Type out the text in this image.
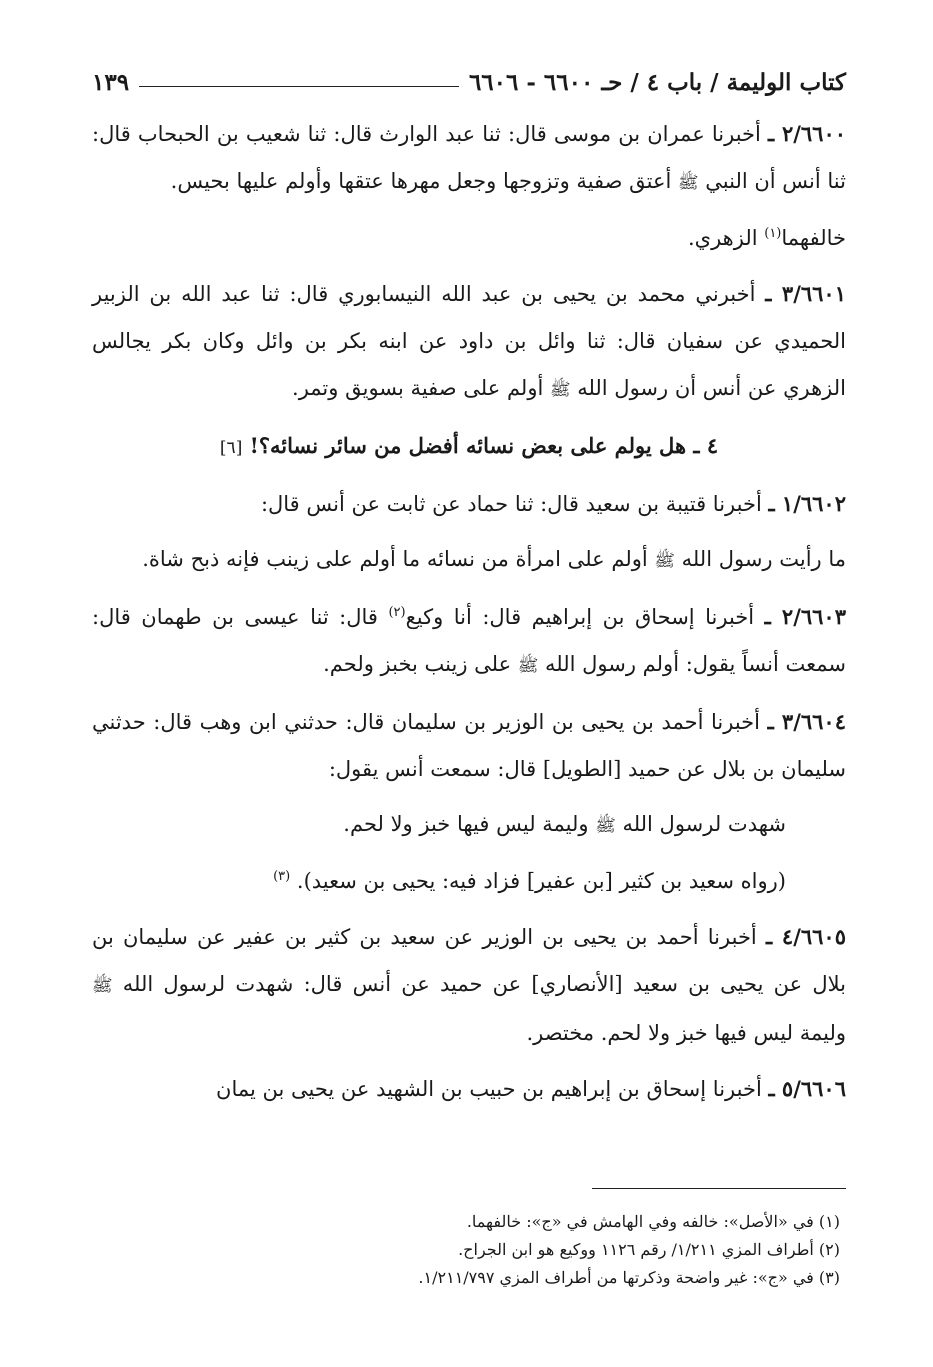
كتاب الوليمة / باب ٤ / حـ ٦٦٠٠ - ٦٦٠٦
١٣٩

٢/٦٦٠٠ ـ أخبرنا عمران بن موسى قال: ثنا عبد الوارث قال: ثنا شعيب بن الحبحاب قال: ثنا أنس أن النبي ﷺ أعتق صفية وتزوجها وجعل مهرها عتقها وأولم عليها بحيس.

خالفهما$^{(١)}$ الزهري.

٣/٦٦٠١ ـ أخبرني محمد بن يحيى بن عبد الله النيسابوري قال: ثنا عبد الله بن الزبير الحميدي عن سفيان قال: ثنا وائل بن داود عن ابنه بكر بن وائل وكان بكر يجالس الزهري عن أنس أن رسول الله ﷺ أولم على صفية بسويق وتمر.

٤ ـ هل يولم على بعض نسائه أفضل من سائر نسائه؟! [٦]

١/٦٦٠٢ ـ أخبرنا قتيبة بن سعيد قال: ثنا حماد عن ثابت عن أنس قال:

ما رأيت رسول الله ﷺ أولم على امرأة من نسائه ما أولم على زينب فإنه ذبح شاة.

٢/٦٦٠٣ ـ أخبرنا إسحاق بن إبراهيم قال: أنا وكيع$^{(٢)}$ قال: ثنا عيسى بن طهمان قال: سمعت أنساً يقول: أولم رسول الله ﷺ على زينب بخبز ولحم.

٣/٦٦٠٤ ـ أخبرنا أحمد بن يحيى بن الوزير بن سليمان قال: حدثني ابن وهب قال: حدثني سليمان بن بلال عن حميد [الطويل] قال: سمعت أنس يقول:

شهدت لرسول الله ﷺ وليمة ليس فيها خبز ولا لحم.

(رواه سعيد بن كثير [بن عفير] فزاد فيه: يحيى بن سعيد). $^{(٣)}$

٤/٦٦٠٥ ـ أخبرنا أحمد بن يحيى بن الوزير عن سعيد بن كثير بن عفير عن سليمان بن بلال عن يحيى بن سعيد [الأنصاري] عن حميد عن أنس قال: شهدت لرسول الله ﷺ وليمة ليس فيها خبز ولا لحم. مختصر.

٥/٦٦٠٦ ـ أخبرنا إسحاق بن إبراهيم بن حبيب بن الشهيد عن يحيى بن يمان

(١) في «الأصل»: خالفه وفي الهامش في «ج»: خالفهما.
(٢) أطراف المزي ١/٢١١/ رقم ١١٢٦ ووكيع هو ابن الجراح.
(٣) في «ج»: غير واضحة وذكرتها من أطراف المزي ١/٢١١/٧٩٧.
